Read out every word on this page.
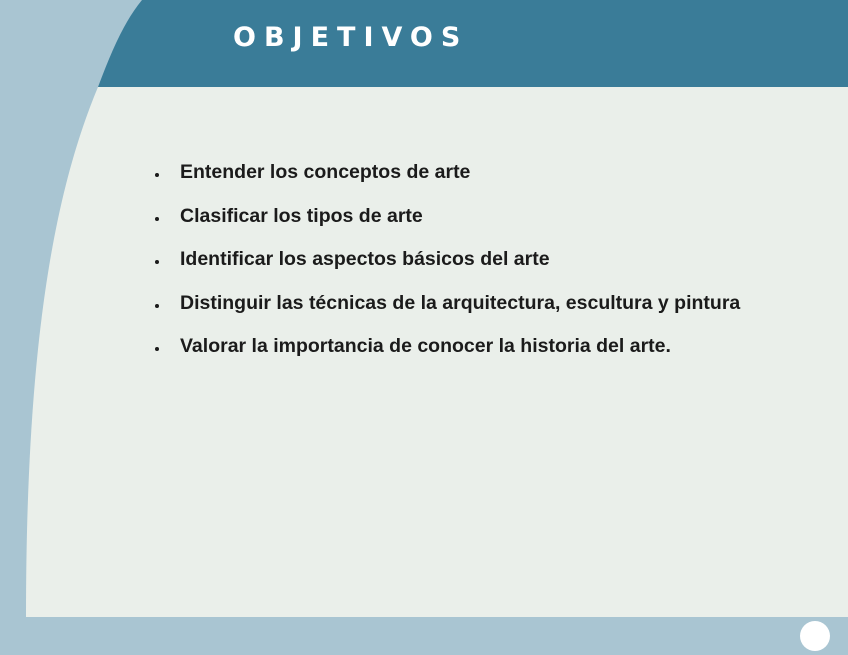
OBJETIVOS
Entender los conceptos de arte
Clasificar los tipos de arte
Identificar los aspectos básicos del arte
Distinguir las técnicas de la arquitectura, escultura y pintura
Valorar la importancia de conocer la historia del arte.
